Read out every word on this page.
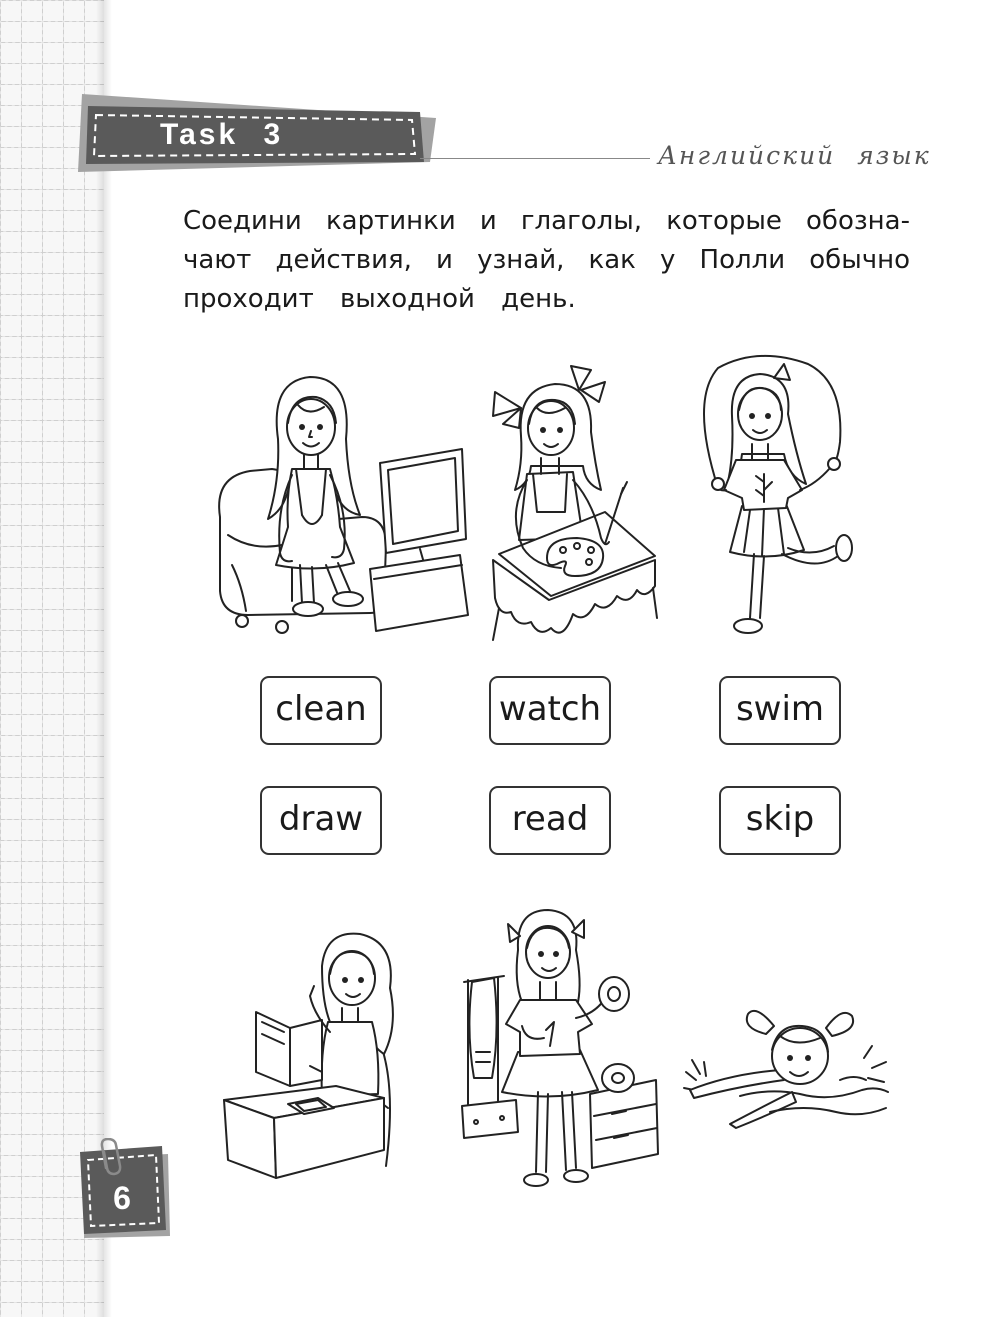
Task 3
Английский язык
Соедини картинки и глаголы, которые обозна-
чают действия, и узнай, как у Полли обычно
проходит выходной день.
clean	watch	swim
draw	read	skip
6
